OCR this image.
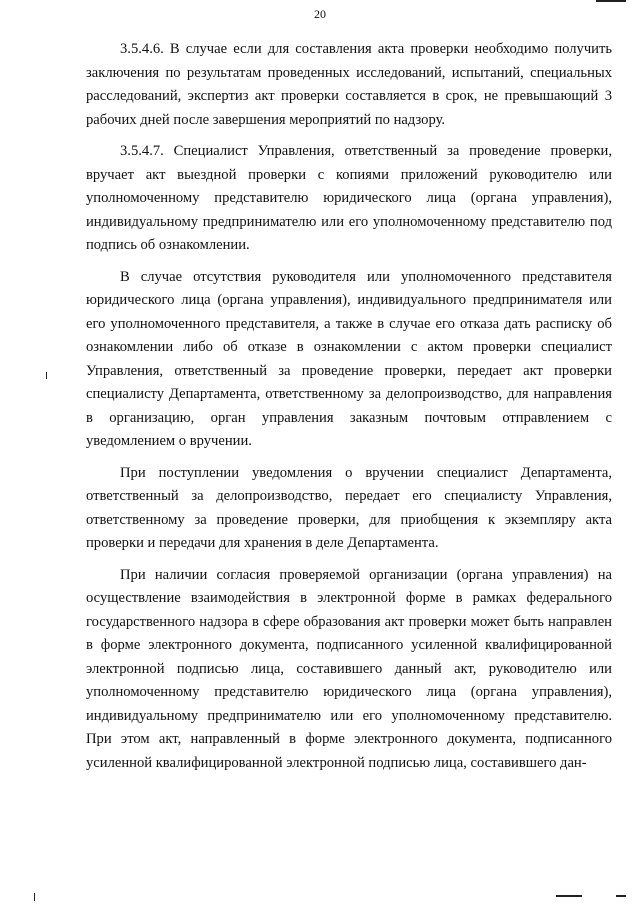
20

3.5.4.6. В случае если для составления акта проверки необходимо получить заключения по результатам проведенных исследований, испытаний, специальных расследований, экспертиз акт проверки составляется в срок, не превышающий 3 рабочих дней после завершения мероприятий по надзору.

3.5.4.7. Специалист Управления, ответственный за проведение проверки, вручает акт выездной проверки с копиями приложений руководителю или уполномоченному представителю юридического лица (органа управления), индивидуальному предпринимателю или его уполномоченному представителю под подпись об ознакомлении.

В случае отсутствия руководителя или уполномоченного представителя юридического лица (органа управления), индивидуального предпринимателя или его уполномоченного представителя, а также в случае его отказа дать расписку об ознакомлении либо об отказе в ознакомлении с актом проверки специалист Управления, ответственный за проведение проверки, передает акт проверки специалисту Департамента, ответственному за делопроизводство, для направления в организацию, орган управления заказным почтовым отправлением с уведомлением о вручении.

При поступлении уведомления о вручении специалист Департамента, ответственный за делопроизводство, передает его специалисту Управления, ответственному за проведение проверки, для приобщения к экземпляру акта проверки и передачи для хранения в деле Департамента.

При наличии согласия проверяемой организации (органа управления) на осуществление взаимодействия в электронной форме в рамках федерального государственного надзора в сфере образования акт проверки может быть направлен в форме электронного документа, подписанного усиленной квалифицированной электронной подписью лица, составившего данный акт, руководителю или уполномоченному представителю юридического лица (органа управления), индивидуальному предпринимателю или его уполномоченному представителю. При этом акт, направленный в форме электронного документа, подписанного усиленной квалифицированной электронной подписью лица, составившего дан-
